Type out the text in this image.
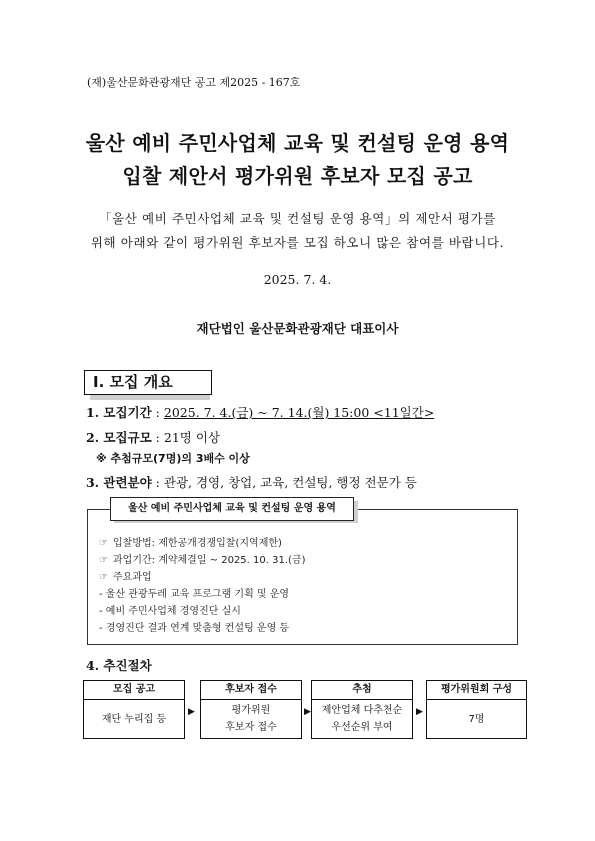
(재)울산문화관광재단 공고 제2025 - 167호
울산 예비 주민사업체 교육 및 컨설팅 운영 용역
입찰 제안서 평가위원 후보자 모집 공고
「울산 예비 주민사업체 교육 및 컨설팅 운영 용역」의 제안서 평가를
위해 아래와 같이 평가위원 후보자를 모집 하오니 많은 참여를 바랍니다.
2025. 7. 4.
재단법인 울산문화관광재단 대표이사
Ⅰ. 모집 개요
1. 모집기간 : 2025. 7. 4.(금) ~ 7. 14.(월) 15:00 <11일간>
2. 모집규모 : 21명 이상
※ 추첨규모(7명)의 3배수 이상
3. 관련분야 : 관광, 경영, 창업, 교육, 컨설팅, 행정 전문가 등
울산 예비 주민사업체 교육 및 컨설팅 운영 용역
☞ 입찰방법: 제한공개경쟁입찰(지역제한)
☞ 과업기간: 계약체결일 ~ 2025. 10. 31.(금)
☞ 주요과업
- 울산 관광두레 교육 프로그램 기획 및 운영
- 예비 주민사업체 경영진단 실시
- 경영진단 결과 연계 맞춤형 컨설팅 운영 등
4. 추진절차
모집 공고
재단 누리집 등
▶
후보자 접수
평가위원
후보자 접수
▶
추첨
제안업체 다추천순
우선순위 부여
▶
평가위원회 구성
7명
